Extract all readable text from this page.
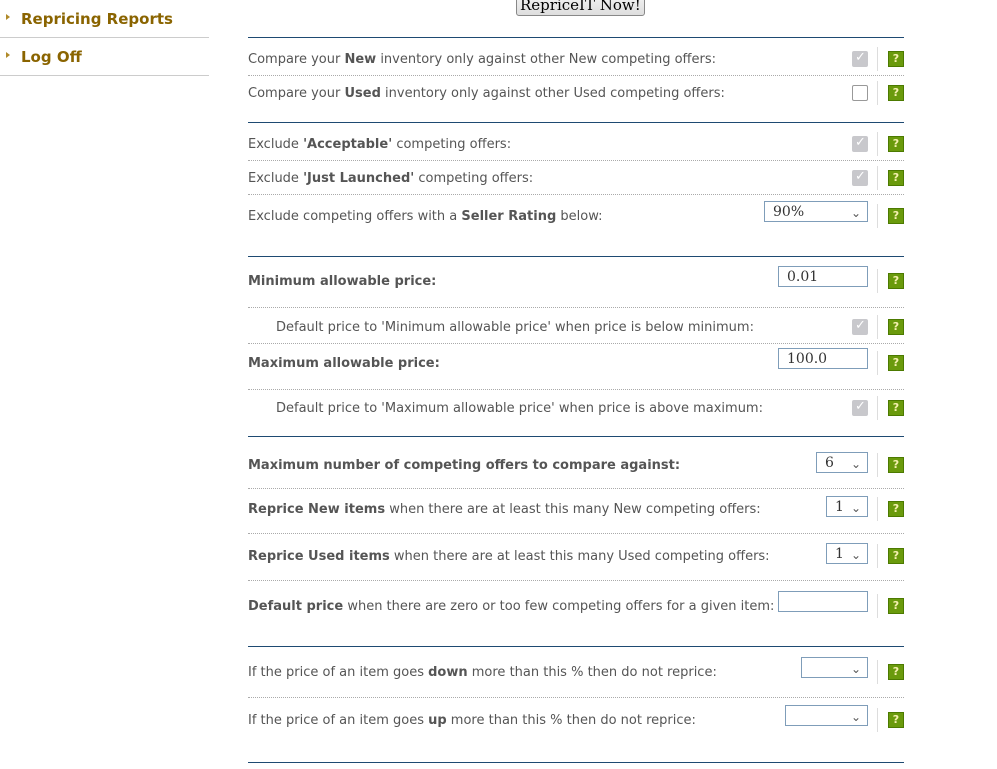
Repricing Reports
Log Off
RepriceIT Now!
Compare your New inventory only against other New competing offers: ✓	?
Compare your Used inventory only against other Used competing offers:	?
Exclude 'Acceptable' competing offers: ✓	?
Exclude 'Just Launched' competing offers: ✓	?
Exclude competing offers with a Seller Rating below:	90%	⌄	?
Minimum allowable price:	0.01	?
Default price to 'Minimum allowable price' when price is below minimum: ✓	?
Maximum allowable price:	100.0	?
Default price to 'Maximum allowable price' when price is above maximum: ✓	?
Maximum number of competing offers to compare against:	6 ⌄	?
Reprice New items when there are at least this many New competing offers:	1 ⌄	?
Reprice Used items when there are at least this many Used competing offers:	1 ⌄	?
Default price when there are zero or too few competing offers for a given item:	?
If the price of an item goes down more than this % then do not reprice:	⌄	?
If the price of an item goes up more than this % then do not reprice:	⌄	?
